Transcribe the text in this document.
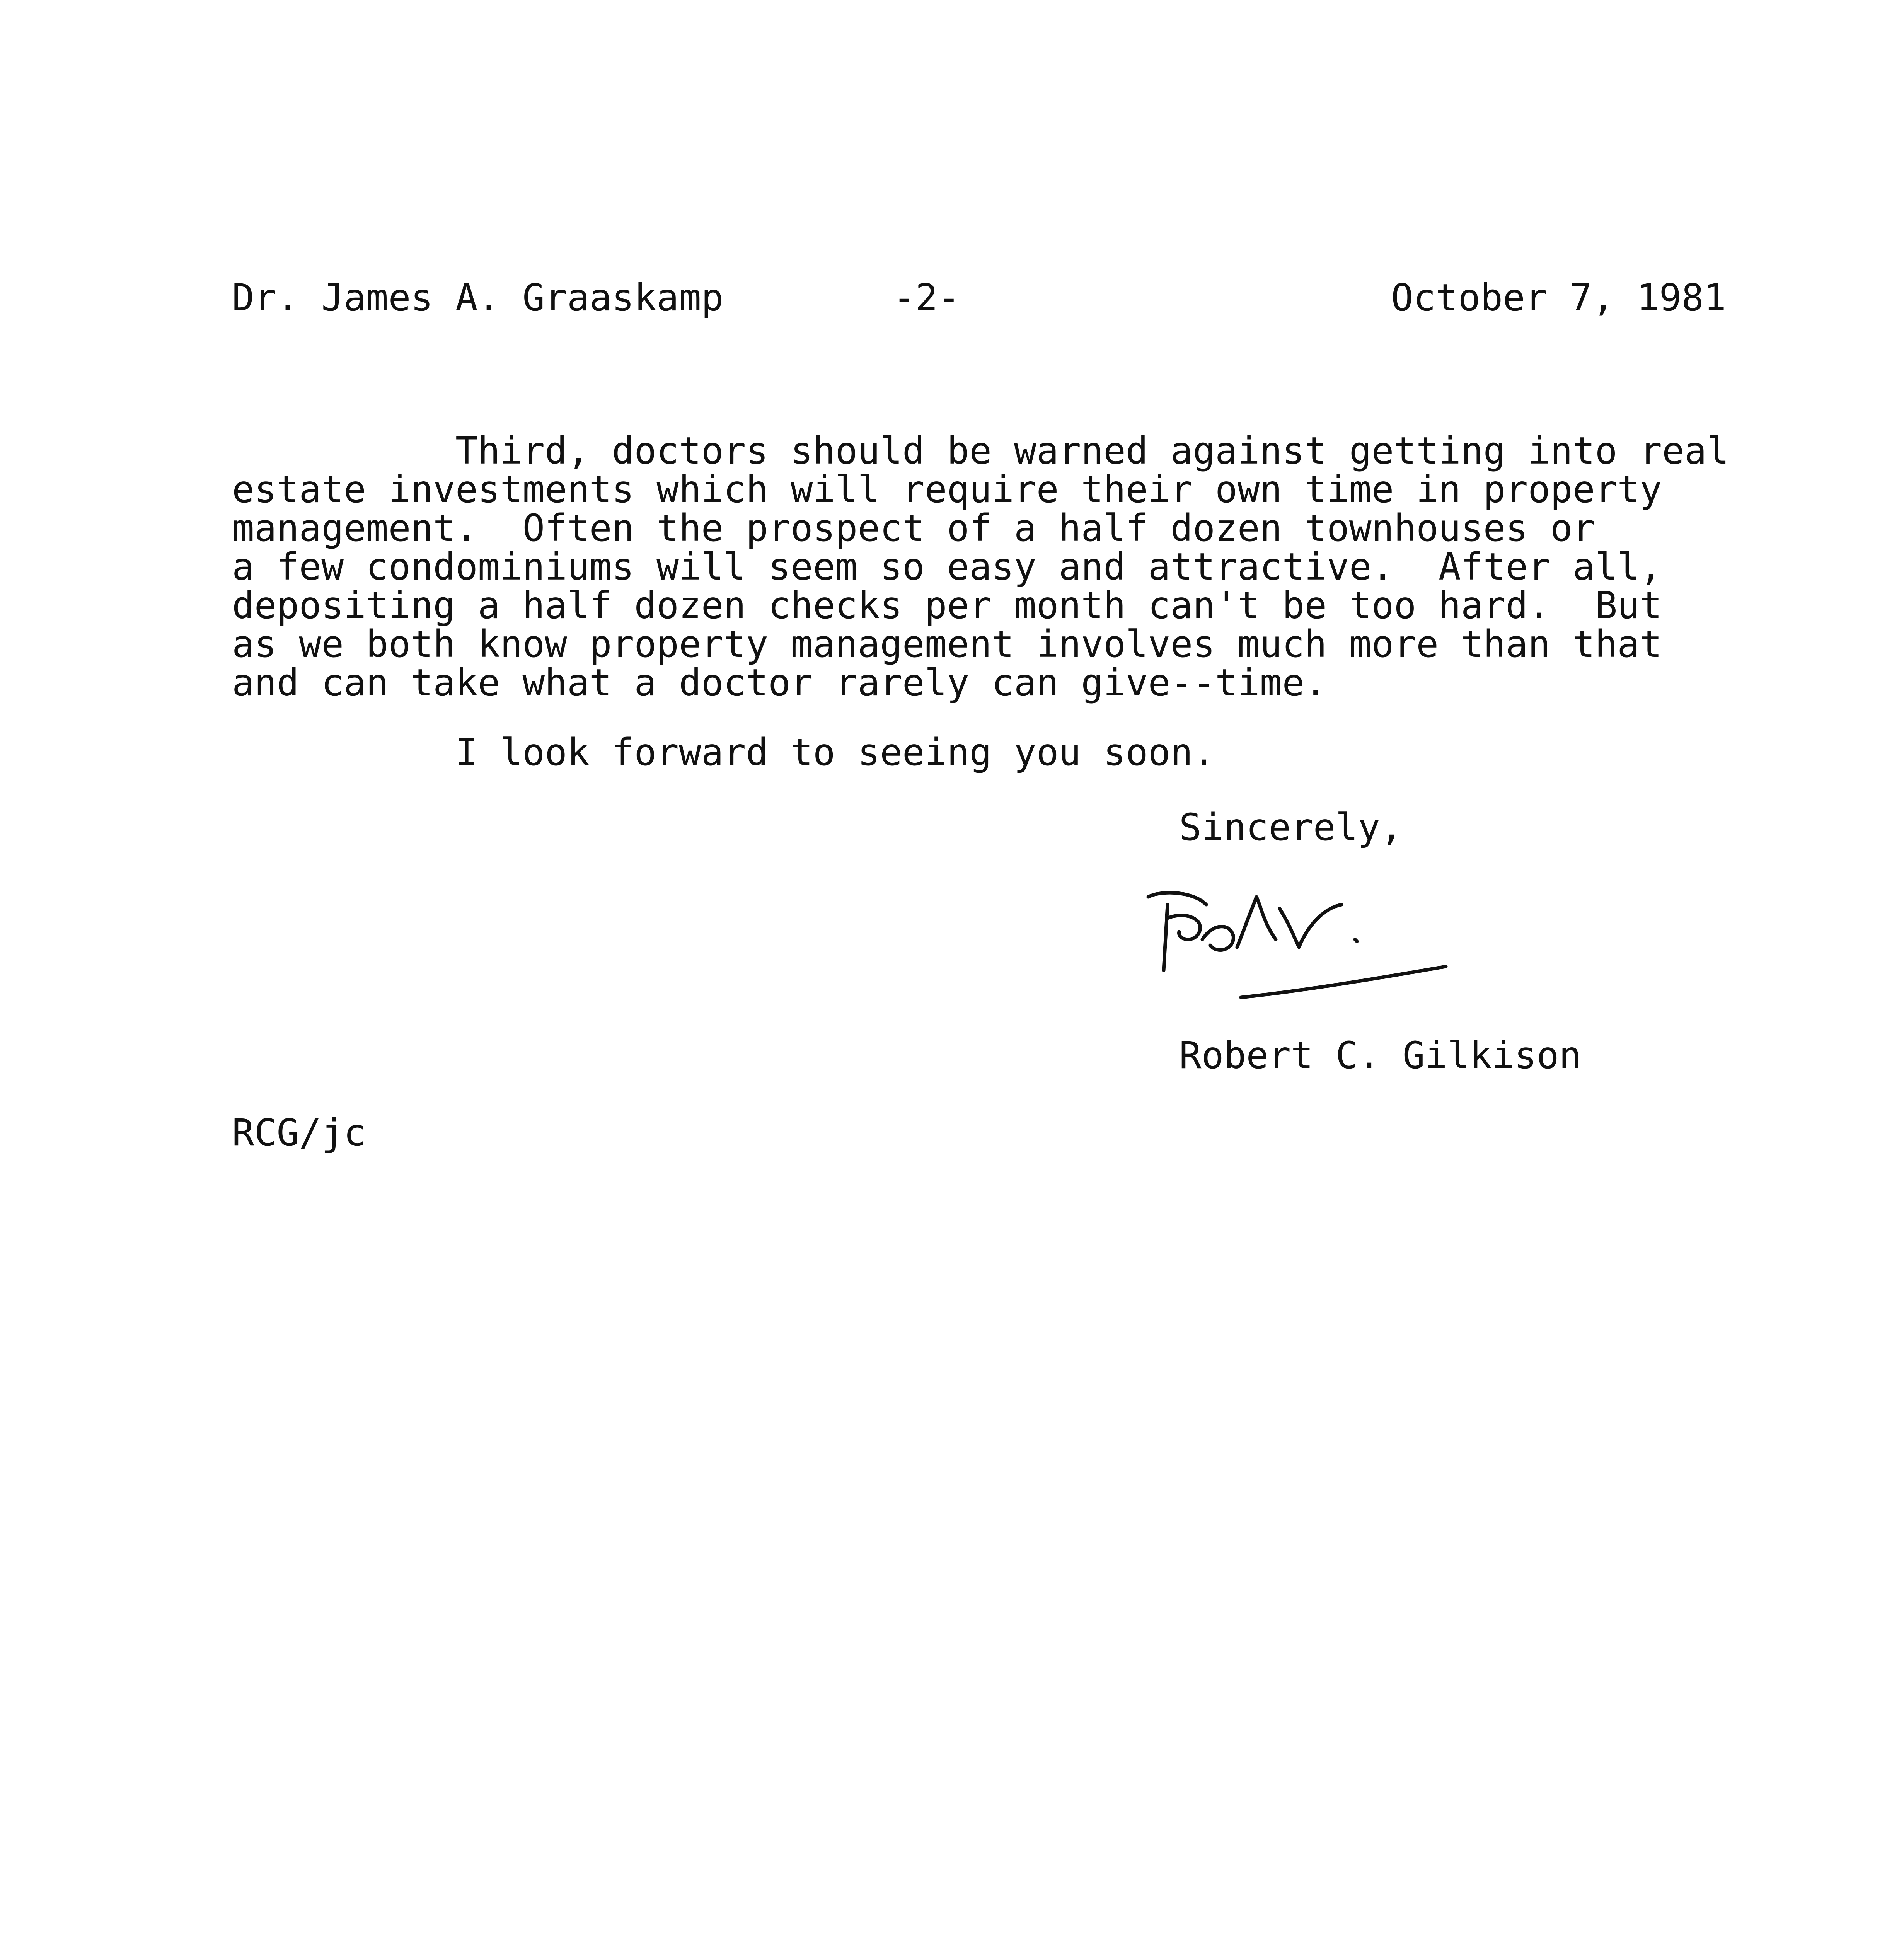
Dr. James A. Graaskamp	-2-	October 7, 1981
Third, doctors should be warned against getting into real
estate investments which will require their own time in property
management.  Often the prospect of a half dozen townhouses or
a few condominiums will seem so easy and attractive.  After all,
depositing a half dozen checks per month can't be too hard.  But
as we both know property management involves much more than that
and can take what a doctor rarely can give--time.
I look forward to seeing you soon.
Sincerely,
Robert C. Gilkison
RCG/jc
